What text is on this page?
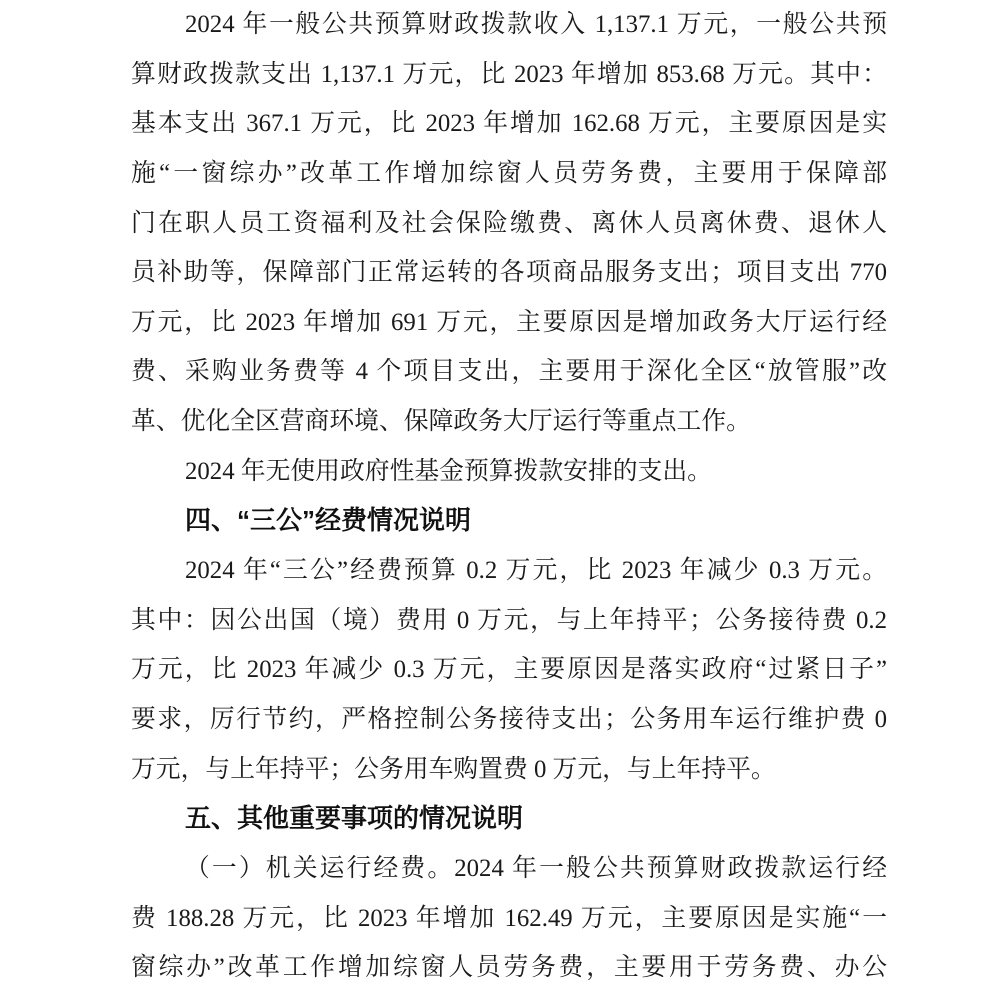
2024 年一般公共预算财政拨款收入 1,137.1 万元，一般公共预
算财政拨款支出 1,137.1 万元，比 2023 年增加 853.68 万元。其中：
基本支出 367.1 万元，比 2023 年增加 162.68 万元，主要原因是实
施“一窗综办”改革工作增加综窗人员劳务费，主要用于保障部
门在职人员工资福利及社会保险缴费、离休人员离休费、退休人
员补助等，保障部门正常运转的各项商品服务支出；项目支出 770
万元，比 2023 年增加 691 万元，主要原因是增加政务大厅运行经
费、采购业务费等 4 个项目支出，主要用于深化全区“放管服”改
革、优化全区营商环境、保障政务大厅运行等重点工作。
2024 年无使用政府性基金预算拨款安排的支出。
四、“三公”经费情况说明
2024 年“三公”经费预算 0.2 万元，比 2023 年减少 0.3 万元。
其中：因公出国（境）费用 0 万元，与上年持平；公务接待费 0.2
万元，比 2023 年减少 0.3 万元，主要原因是落实政府“过紧日子”
要求，厉行节约，严格控制公务接待支出；公务用车运行维护费 0
万元，与上年持平；公务用车购置费 0 万元，与上年持平。
五、其他重要事项的情况说明
（一）机关运行经费。2024 年一般公共预算财政拨款运行经
费 188.28 万元，比 2023 年增加 162.49 万元，主要原因是实施“一
窗综办”改革工作增加综窗人员劳务费，主要用于劳务费、办公
